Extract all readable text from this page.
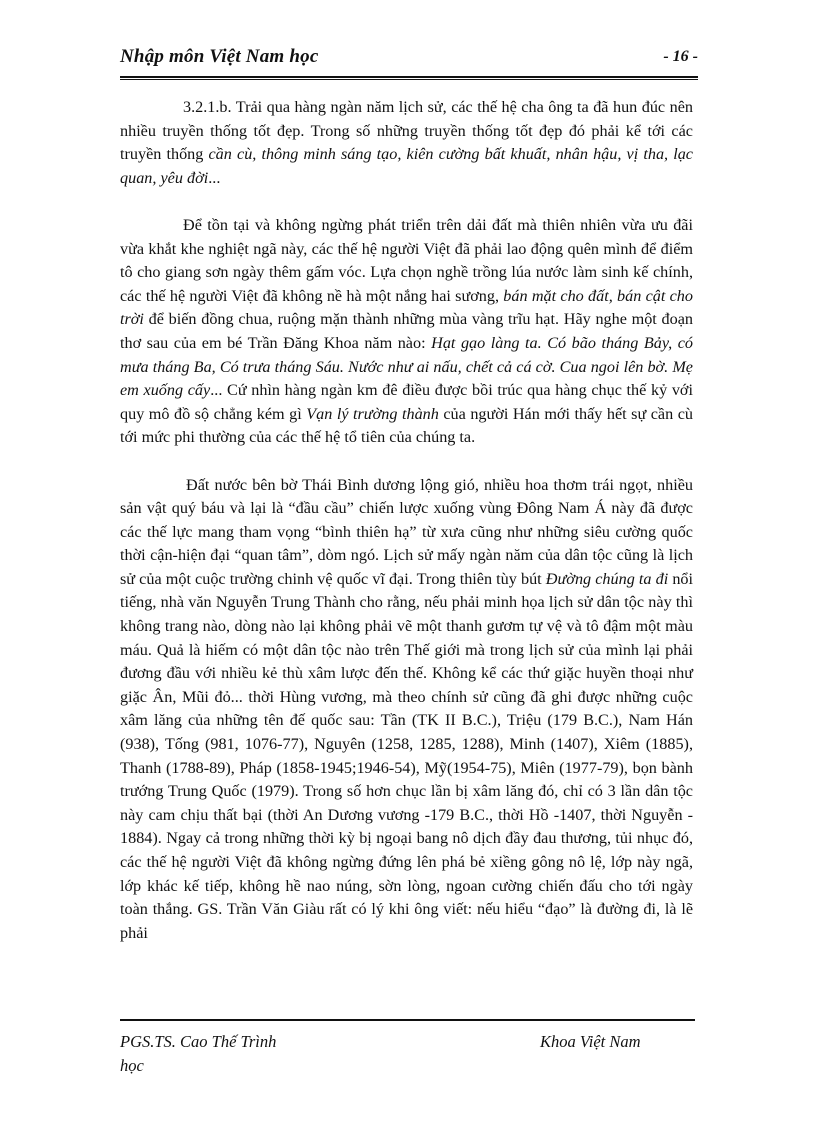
Nhập môn Việt Nam học	- 16 -

3.2.1.b. Trải qua hàng ngàn năm lịch sử, các thế hệ cha ông ta đã hun đúc nên nhiều truyền thống tốt đẹp. Trong số những truyền thống tốt đẹp đó phải kể tới các truyền thống cần cù, thông minh sáng tạo, kiên cường bất khuất, nhân hậu, vị tha, lạc quan, yêu đời...

Để tồn tại và không ngừng phát triển trên dải đất mà thiên nhiên vừa ưu đãi vừa khắt khe nghiệt ngã này, các thế hệ người Việt đã phải lao động quên mình để điểm tô cho giang sơn ngày thêm gấm vóc. Lựa chọn nghề trồng lúa nước làm sinh kế chính, các thế hệ người Việt đã không nề hà một nắng hai sương, bán mặt cho đất, bán cật cho trời để biến đồng chua, ruộng mặn thành những mùa vàng trĩu hạt. Hãy nghe một đoạn thơ sau của em bé Trần Đăng Khoa năm nào: Hạt gạo làng ta. Có bão tháng Bảy, có mưa tháng Ba, Có trưa tháng Sáu. Nước như ai nấu, chết cả cá cờ. Cua ngoi lên bờ. Mẹ em xuống cấy... Cứ nhìn hàng ngàn km đê điều được bồi trúc qua hàng chục thế kỷ với quy mô đồ sộ chẳng kém gì Vạn lý trường thành của người Hán mới thấy hết sự cần cù tới mức phi thường của các thế hệ tổ tiên của chúng ta.

Đất nước bên bờ Thái Bình dương lộng gió, nhiều hoa thơm trái ngọt, nhiều sản vật quý báu và lại là “đầu cầu” chiến lược xuống vùng Đông Nam Á này đã được các thế lực mang tham vọng “bình thiên hạ” từ xưa cũng như những siêu cường quốc thời cận-hiện đại “quan tâm”, dòm ngó. Lịch sử mấy ngàn năm của dân tộc cũng là lịch sử của một cuộc trường chinh vệ quốc vĩ đại. Trong thiên tùy bút Đường chúng ta đi nổi tiếng, nhà văn Nguyễn Trung Thành cho rằng, nếu phải minh họa lịch sử dân tộc này thì không trang nào, dòng nào lại không phải vẽ một thanh gươm tự vệ và tô đậm một màu máu. Quả là hiếm có một dân tộc nào trên Thế giới mà trong lịch sử của mình lại phải đương đầu với nhiều kẻ thù xâm lược đến thế. Không kể các thứ giặc huyền thoại như giặc Ân, Mũi đỏ... thời Hùng vương, mà theo chính sử cũng đã ghi được những cuộc xâm lăng của những tên đế quốc sau: Tần (TK II B.C.), Triệu (179 B.C.), Nam Hán (938), Tống (981, 1076-77), Nguyên (1258, 1285, 1288), Minh (1407), Xiêm (1885), Thanh (1788-89), Pháp (1858-1945;1946-54), Mỹ(1954-75), Miên (1977-79), bọn bành trướng Trung Quốc (1979). Trong số hơn chục lần bị xâm lăng đó, chỉ có 3 lần dân tộc này cam chịu thất bại (thời An Dương vương -179 B.C., thời Hồ -1407, thời Nguyễn - 1884). Ngay cả trong những thời kỳ bị ngoại bang nô dịch đầy đau thương, tủi nhục đó, các thế hệ người Việt đã không ngừng đứng lên phá bẻ xiềng gông nô lệ, lớp này ngã, lớp khác kế tiếp, không hề nao núng, sờn lòng, ngoan cường chiến đấu cho tới ngày toàn thắng. GS. Trần Văn Giàu rất có lý khi ông viết: nếu hiểu “đạo” là đường đi, là lẽ phải

PGS.TS. Cao Thế Trình
học
Khoa Việt Nam
